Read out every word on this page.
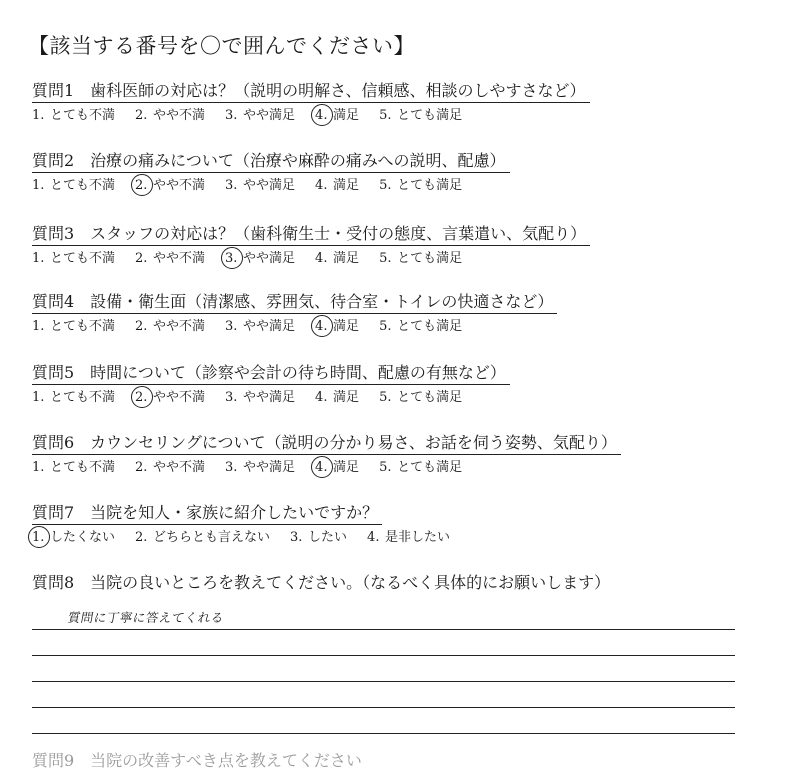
【該当する番号を〇で囲んでください】
質問1　歯科医師の対応は？（説明の明解さ、信頼感、相談のしやすさなど）
1. とても不満 2. やや不満 3. やや満足 4. 満足 5. とても満足
質問2　治療の痛みについて（治療や麻酔の痛みへの説明、配慮）
1. とても不満 2. やや不満 3. やや満足 4. 満足 5. とても満足
質問3　スタッフの対応は？（歯科衛生士・受付の態度、言葉遣い、気配り）
1. とても不満 2. やや不満 3. やや満足 4. 満足 5. とても満足
質問4　設備・衛生面（清潔感、雰囲気、待合室・トイレの快適さなど）
1. とても不満 2. やや不満 3. やや満足 4. 満足 5. とても満足
質問5　時間について（診察や会計の待ち時間、配慮の有無など）
1. とても不満 2. やや不満 3. やや満足 4. 満足 5. とても満足
質問6　カウンセリングについて（説明の分かり易さ、お話を伺う姿勢、気配り）
1. とても不満 2. やや不満 3. やや満足 4. 満足 5. とても満足
質問7　当院を知人・家族に紹介したいですか？
1. したくない 2. どちらとも言えない 3. したい 4. 是非したい
質問8　当院の良いところを教えてください。（なるべく具体的にお願いします）
質問に丁寧に答えてくれる
質問9　当院の改善すべき点を教えてください
